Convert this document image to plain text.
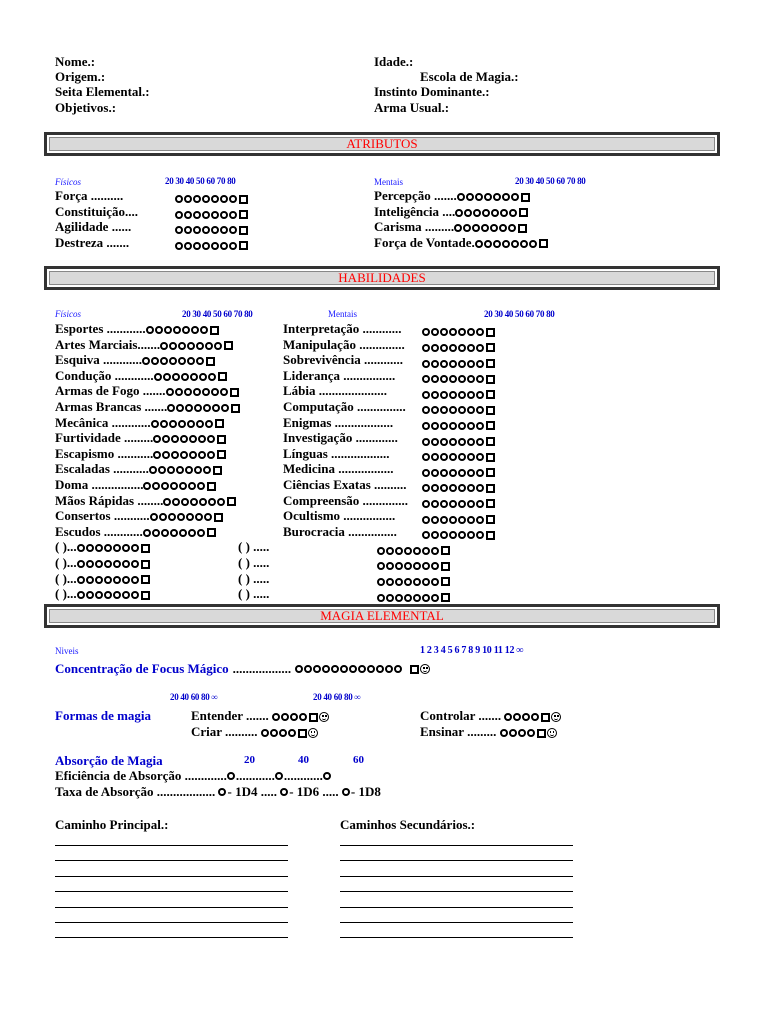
Nome.:
Origem.:
Seita Elemental.:
Objetivos.:
Idade.:
Escola de Magia.:
Instinto Dominante.:
Arma Usual.:
ATRIBUTOS
Físicos	20 30 40 50 60 70 80	Mentais	20 30 40 50 60 70 80
Força ..........
Constituição....
Agilidade ......
Destreza .......
Percepção .......
Inteligência ....
Carisma .........
Força de Vontade.
HABILIDADES
Físicos	20 30 40 50 60 70 80	Mentais	20 30 40 50 60 70 80
Esportes ............
Artes Marciais.......
Esquiva ............
Condução ............
Armas de Fogo .......
Armas Brancas .......
Mecânica ............
Furtividade .........
Escapismo ...........
Escaladas ...........
Doma ................
Mãos Rápidas ........
Consertos ...........
Escudos ............
( )...
( )...
( )...
( )...
Interpretação ............
Manipulação ..............
Sobrevivência ............
Liderança ................
Lábia .....................
Computação ...............
Enigmas ..................
Investigação .............
Línguas ..................
Medicina .................
Ciências Exatas ..........
Compreensão ..............
Ocultismo ................
Burocracia ...............
( ) .....
( ) .....
( ) .....
( ) .....
MAGIA ELEMENTAL
Niveis	1 2 3 4 5 6 7 8 9 10 11 12 ∞
Concentração de Focus Mágico ..................
20 40 60 80 ∞	20 40 60 80 ∞
Formas de magia	Entender .......
Criar ..........
Controlar .......
Ensinar .........
Absorção de Magia	20	40	60
Eficiência de Absorção ............. ............ ............
Taxa de Absorção .................. - 1D4 ..... - 1D6 ..... - 1D8
Caminho Principal.:	Caminhos Secundários.:
